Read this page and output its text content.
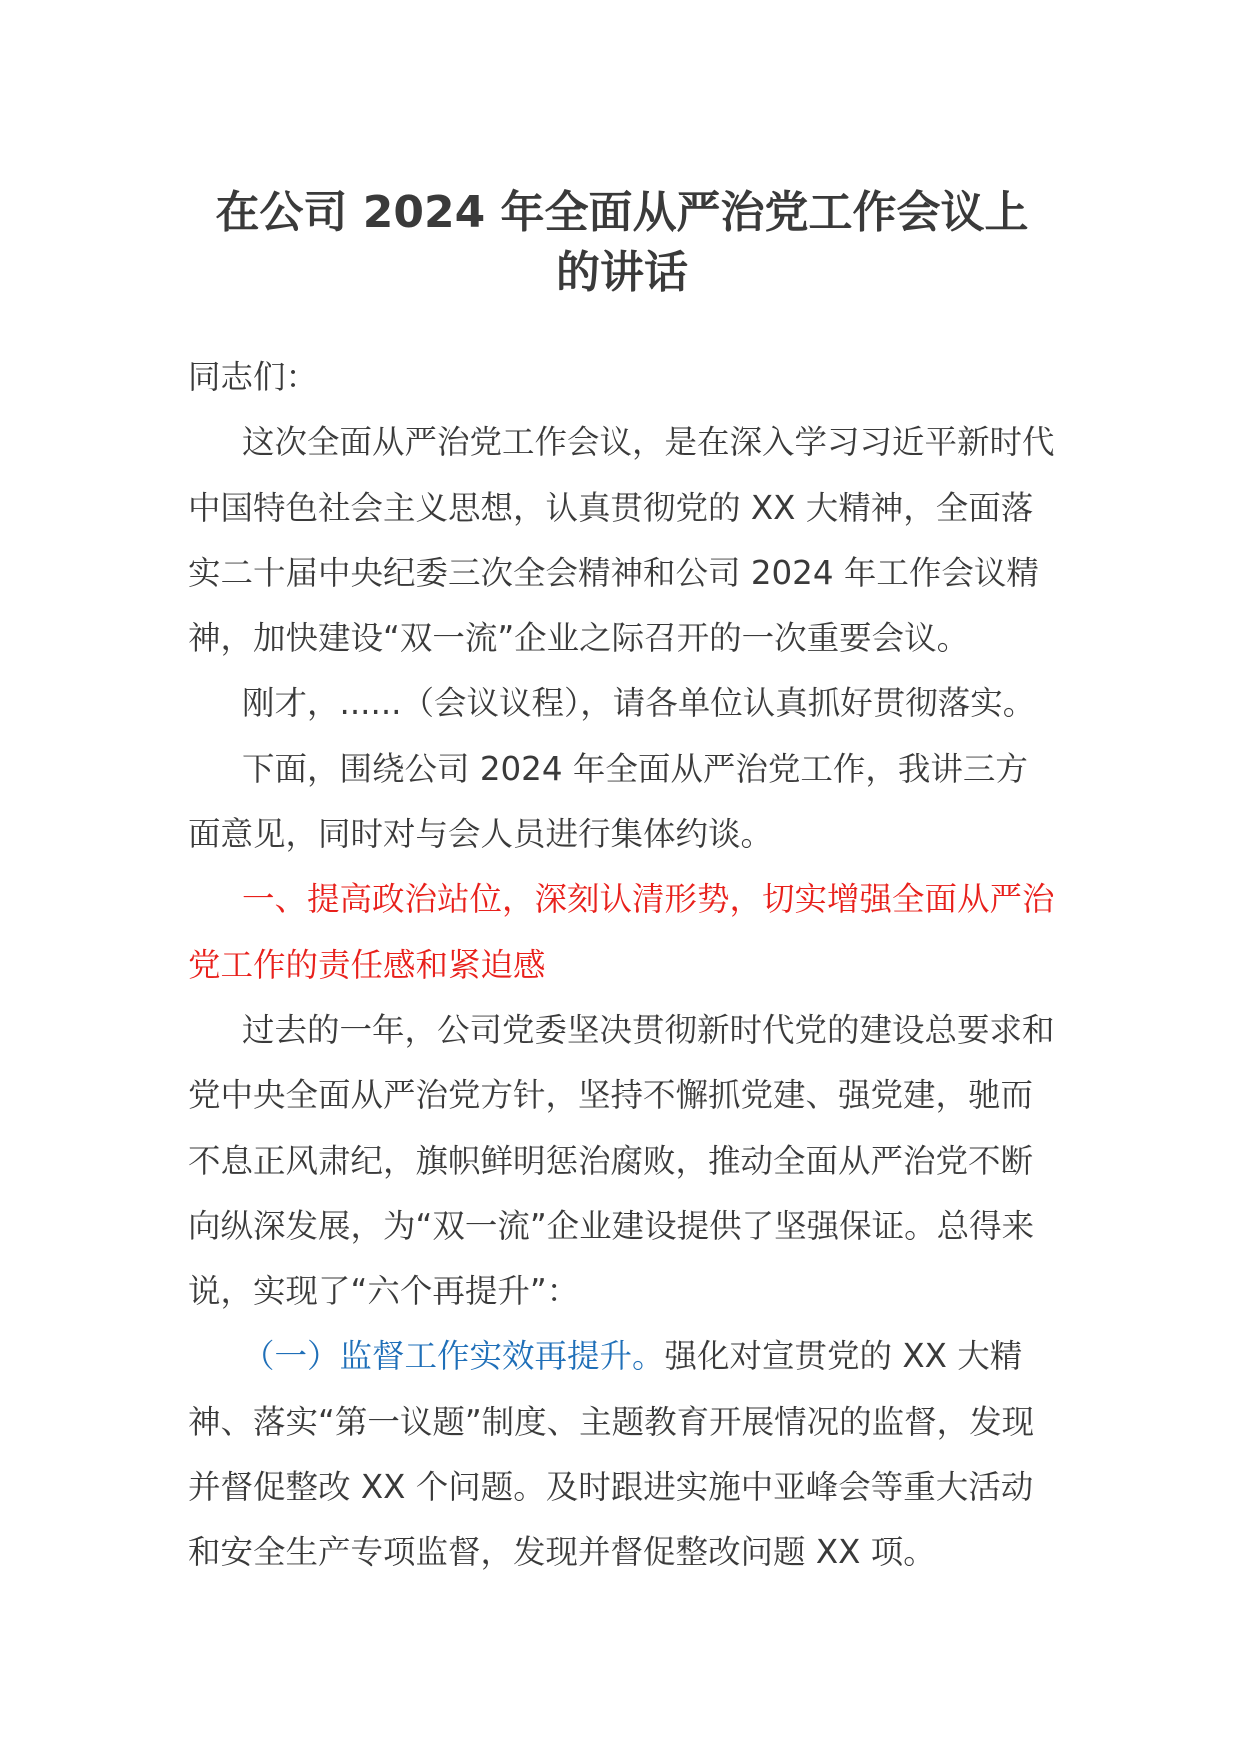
在公司 2024 年全面从严治党工作会议上
的讲话

同志们：

这次全面从严治党工作会议，是在深入学习习近平新时代中国特色社会主义思想，认真贯彻党的 XX 大精神，全面落实二十届中央纪委三次全会精神和公司 2024 年工作会议精神，加快建设“双一流”企业之际召开的一次重要会议。

刚才，......（会议议程），请各单位认真抓好贯彻落实。

下面，围绕公司 2024 年全面从严治党工作，我讲三方面意见，同时对与会人员进行集体约谈。

一、提高政治站位，深刻认清形势，切实增强全面从严治党工作的责任感和紧迫感

过去的一年，公司党委坚决贯彻新时代党的建设总要求和党中央全面从严治党方针，坚持不懈抓党建、强党建，驰而不息正风肃纪，旗帜鲜明惩治腐败，推动全面从严治党不断向纵深发展，为“双一流”企业建设提供了坚强保证。总得来说，实现了“六个再提升”：

（一）监督工作实效再提升。强化对宣贯党的 XX 大精神、落实“第一议题”制度、主题教育开展情况的监督，发现并督促整改 XX 个问题。及时跟进实施中亚峰会等重大活动和安全生产专项监督，发现并督促整改问题 XX 项。
